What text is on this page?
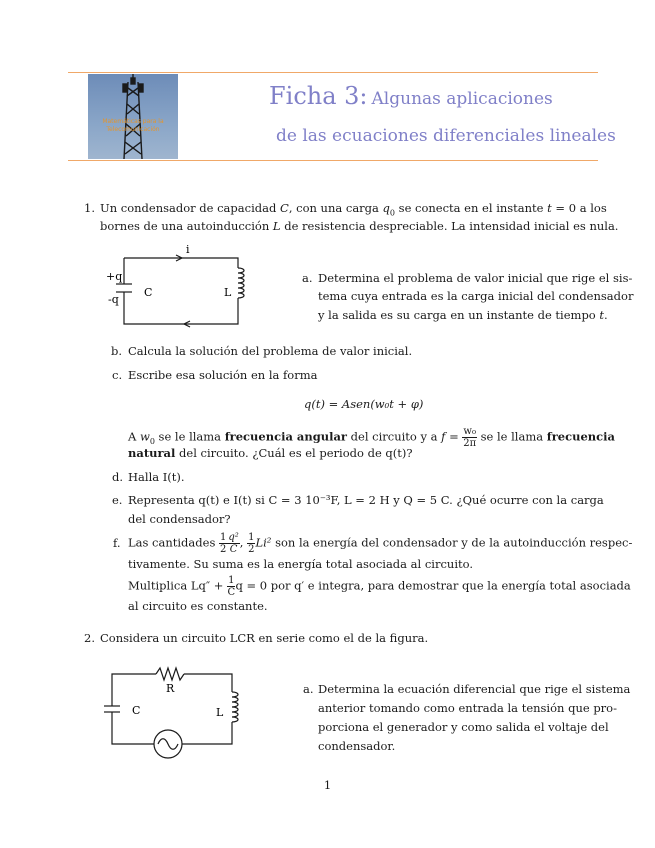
Matemáticas para la
Telecomunicación
Ficha 3: Algunas aplicaciones
de las ecuaciones diferenciales lineales
1. Un condensador de capacidad C, con una carga $q_0$ se conecta en el instante t = 0 a los
bornes de una autoinducción L de resistencia despreciable. La intensidad inicial es nula.
i
+q
-q
C	L
a. Determina el problema de valor inicial que rige el sis-
tema cuya entrada es la carga inicial del condensador
y la salida es su carga en un instante de tiempo t.
b. Calcula la solución del problema de valor inicial.
c. Escribe esa solución en la forma
q(t) = Asen(w₀t + φ)
A $w_0$ se le llama frecuencia angular del circuito y a $f = \frac{\text{w₀}}{2\pi}$ se le llama frecuencia
natural del circuito. ¿Cuál es el periodo de q(t)?
d. Halla I(t).
e. Representa q(t) e I(t) si C = 3 10⁻³F, L = 2 H y Q = 5 C. ¿Qué ocurre con la carga
del condensador?
f. Las cantidades $\frac{1}{2} \frac{\text{q²}}{C}$ , $\frac{1}{2} Li^2$ son la energía del condensador y de la autoinducción respec-
tivamente. Su suma es la energía total asociada al circuito.
Multiplica $Lq'' + \frac{1}{C}$ q = 0 por q′ e integra, para demostrar que la energía total asociada
al circuito es constante.
2. Considera un circuito LCR en serie como el de la figura.
R
C	L
a. Determina la ecuación diferencial que rige el sistema
anterior tomando como entrada la tensión que pro-
porciona el generador y como salida el voltaje del
condensador.
1
